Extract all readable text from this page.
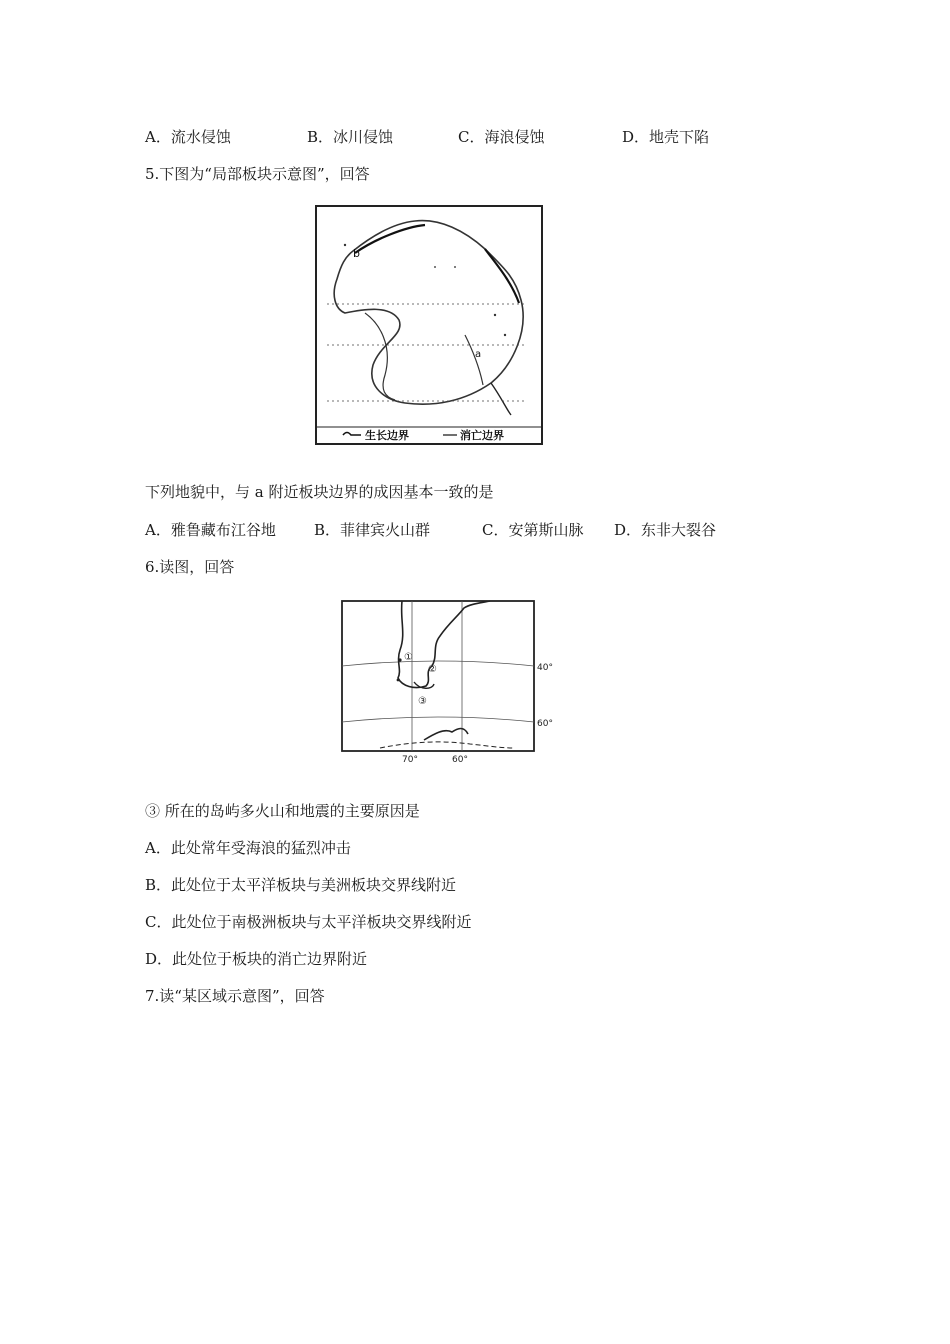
A．流水侵蚀	B．冰川侵蚀	C．海浪侵蚀	D．地壳下陷
5.下图为“局部板块示意图”，回答
b
a
生长边界	消亡边界
下列地貌中，与 a 附近板块边界的成因基本一致的是
A．雅鲁藏布江谷地	B．菲律宾火山群	C．安第斯山脉 D．东非大裂谷
6.读图，回答
①
②
③
40°
60°
70°	60°
③ 所在的岛屿多火山和地震的主要原因是
A．此处常年受海浪的猛烈冲击
B．此处位于太平洋板块与美洲板块交界线附近
C．此处位于南极洲板块与太平洋板块交界线附近
D．此处位于板块的消亡边界附近
7.读“某区域示意图”，回答
